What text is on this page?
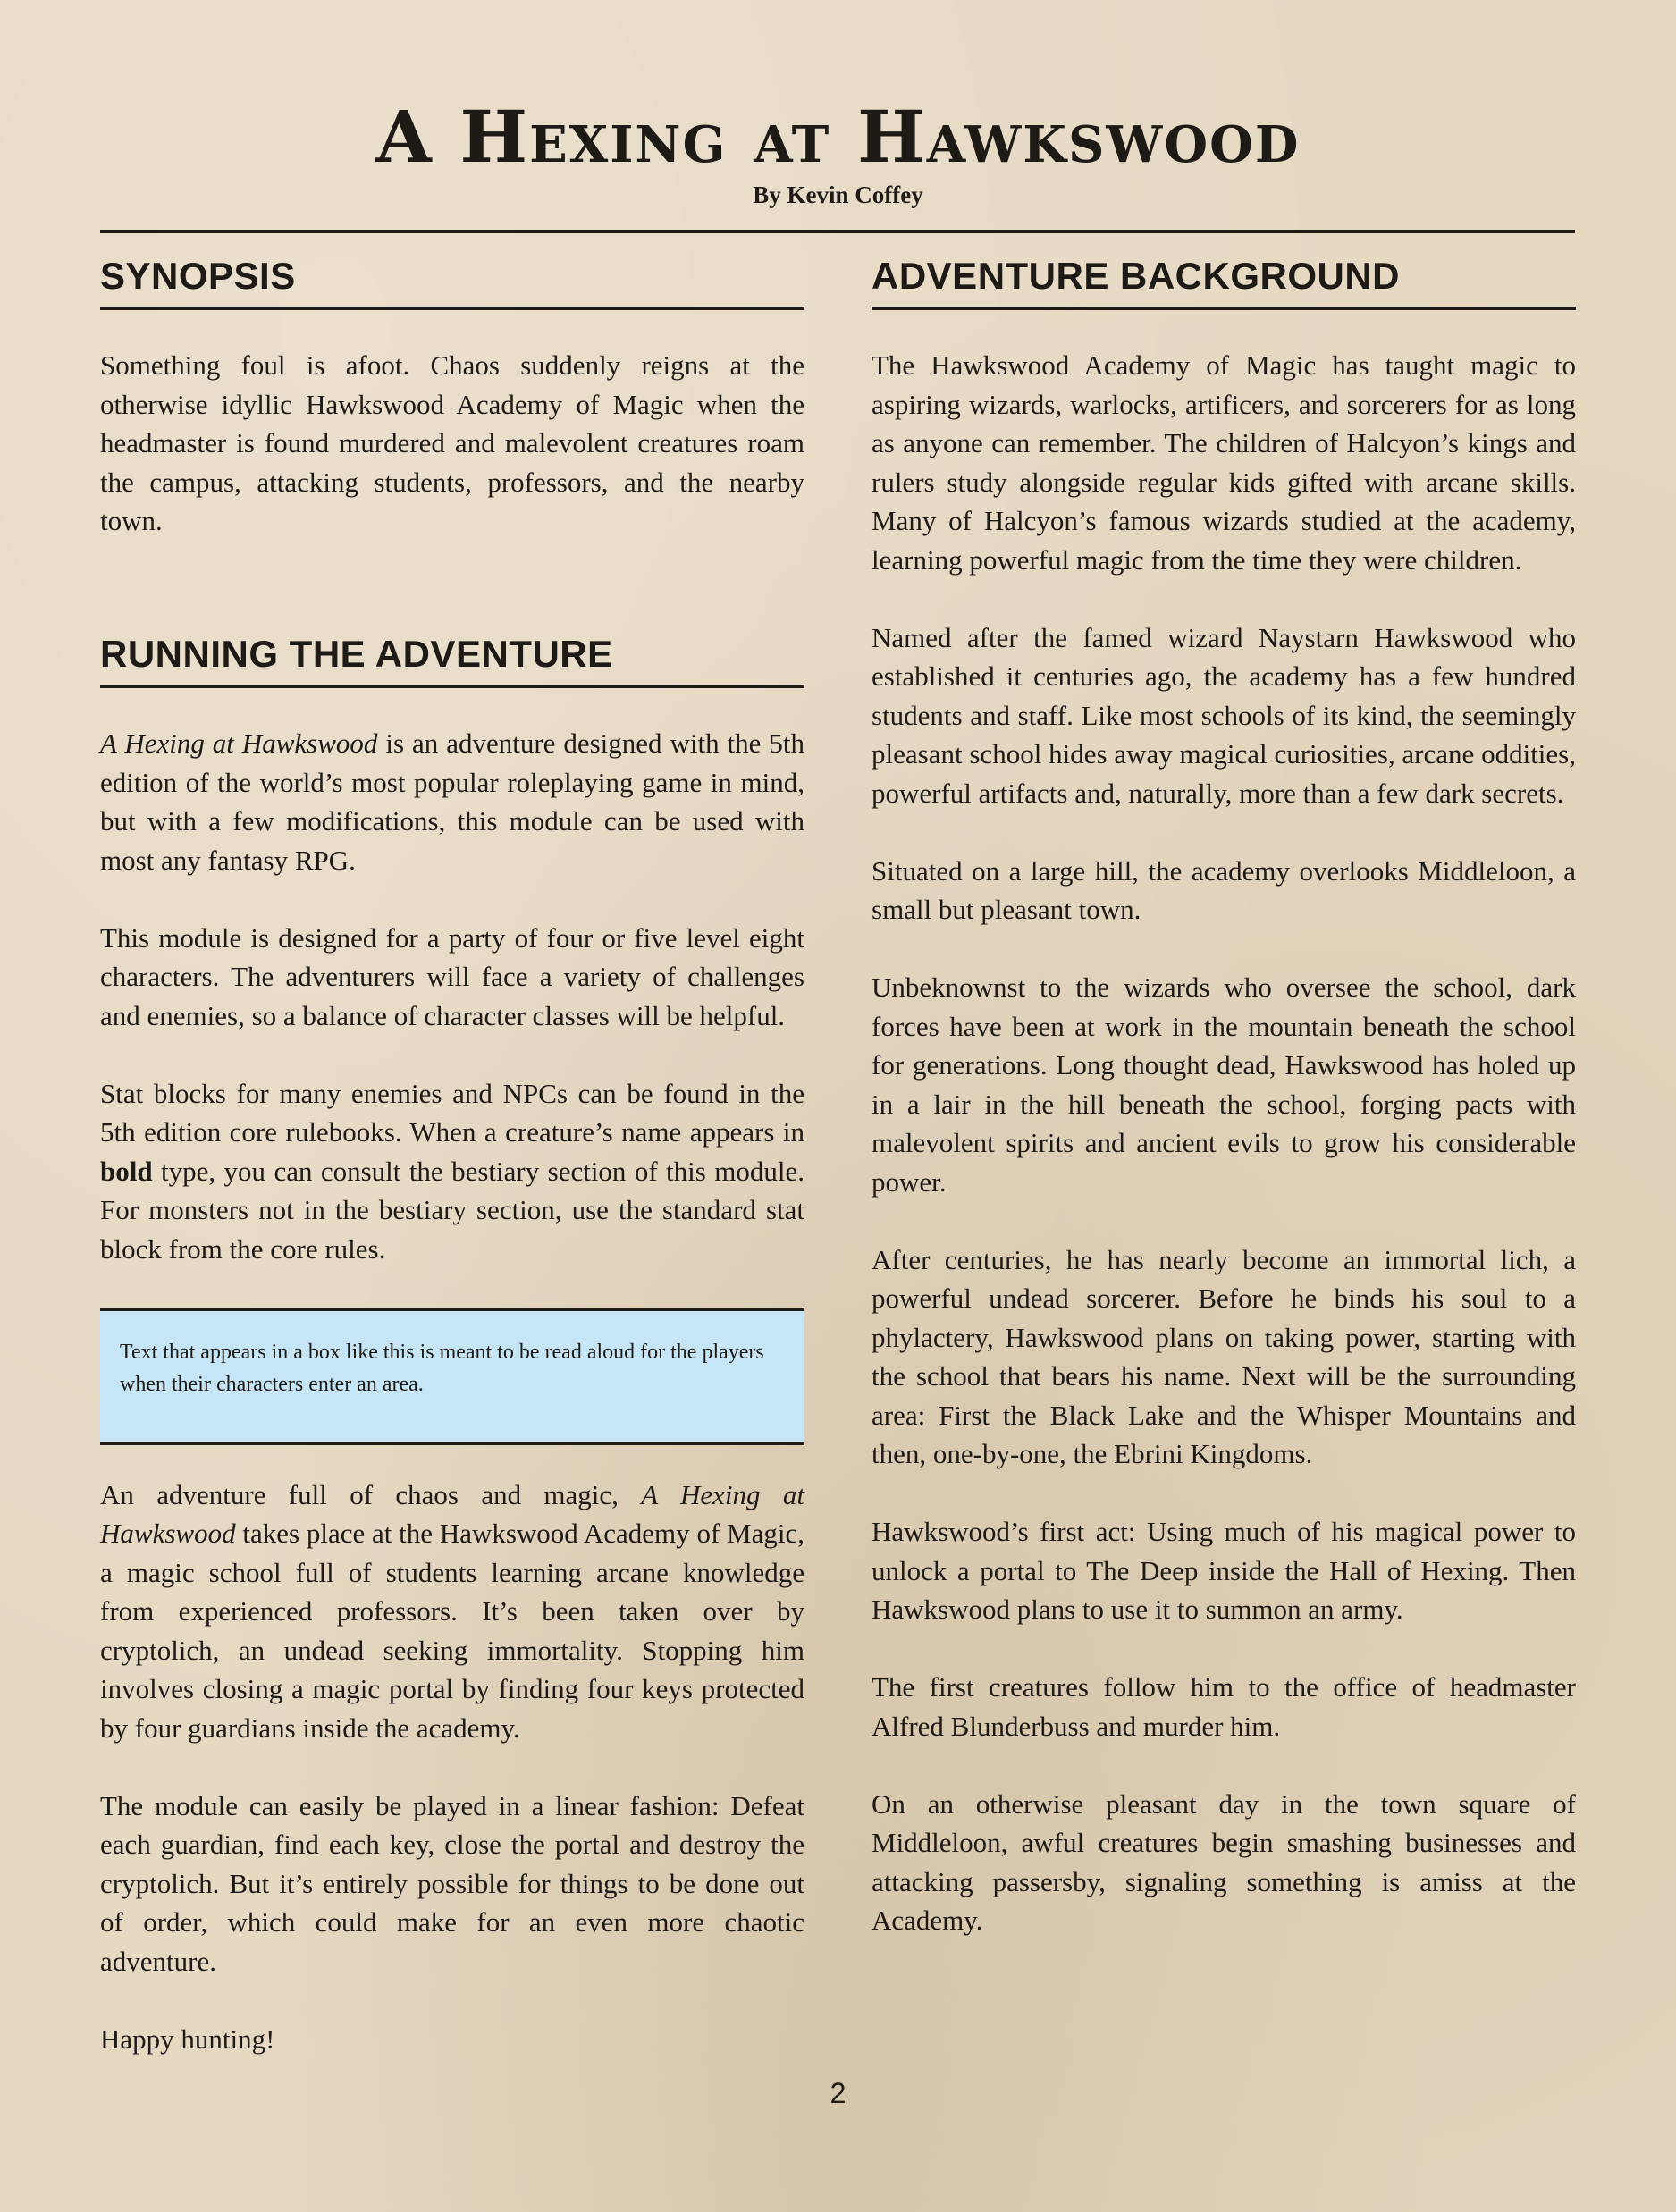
A Hexing at Hawkswood
By Kevin Coffey
SYNOPSIS

Something foul is afoot. Chaos suddenly reigns at the otherwise idyllic Hawkswood Academy of Magic when the headmaster is found murdered and malevolent creatures roam the campus, attacking students, professors, and the nearby town.

RUNNING THE ADVENTURE

A Hexing at Hawkswood is an adventure designed with the 5th edition of the world’s most popular roleplaying game in mind, but with a few modifications, this module can be used with most any fantasy RPG.

This module is designed for a party of four or five level eight characters. The adventurers will face a variety of challenges and enemies, so a balance of character classes will be helpful.

Stat blocks for many enemies and NPCs can be found in the 5th edition core rulebooks. When a creature’s name appears in bold type, you can consult the bestiary section of this module. For monsters not in the bestiary section, use the standard stat block from the core rules.

Text that appears in a box like this is meant to be read aloud for the players when their characters enter an area.

An adventure full of chaos and magic, A Hexing at Hawkswood takes place at the Hawkswood Academy of Magic, a magic school full of students learning arcane knowledge from experienced professors. It’s been taken over by cryptolich, an undead seeking immortality. Stopping him involves closing a magic portal by finding four keys protected by four guardians inside the academy.

The module can easily be played in a linear fashion: Defeat each guardian, find each key, close the portal and destroy the cryptolich. But it’s entirely possible for things to be done out of order, which could make for an even more chaotic adventure.

Happy hunting!

ADVENTURE BACKGROUND

The Hawkswood Academy of Magic has taught magic to aspiring wizards, warlocks, artificers, and sorcerers for as long as anyone can remember. The children of Halcyon’s kings and rulers study alongside regular kids gifted with arcane skills. Many of Halcyon’s famous wizards studied at the academy, learning powerful magic from the time they were children.

Named after the famed wizard Naystarn Hawkswood who established it centuries ago, the academy has a few hundred students and staff. Like most schools of its kind, the seemingly pleasant school hides away magical curiosities, arcane oddities, powerful artifacts and, naturally, more than a few dark secrets.

Situated on a large hill, the academy overlooks Middleloon, a small but pleasant town.

Unbeknownst to the wizards who oversee the school, dark forces have been at work in the mountain beneath the school for generations. Long thought dead, Hawkswood has holed up in a lair in the hill beneath the school, forging pacts with malevolent spirits and ancient evils to grow his considerable power.

After centuries, he has nearly become an immortal lich, a powerful undead sorcerer. Before he binds his soul to a phylactery, Hawkswood plans on taking power, starting with the school that bears his name. Next will be the surrounding area: First the Black Lake and the Whisper Mountains and then, one-by-one, the Ebrini Kingdoms.

Hawkswood’s first act: Using much of his magical power to unlock a portal to The Deep inside the Hall of Hexing. Then Hawkswood plans to use it to summon an army.

The first creatures follow him to the office of headmaster Alfred Blunderbuss and murder him.

On an otherwise pleasant day in the town square of Middleloon, awful creatures begin smashing businesses and attacking passersby, signaling something is amiss at the Academy.

2
